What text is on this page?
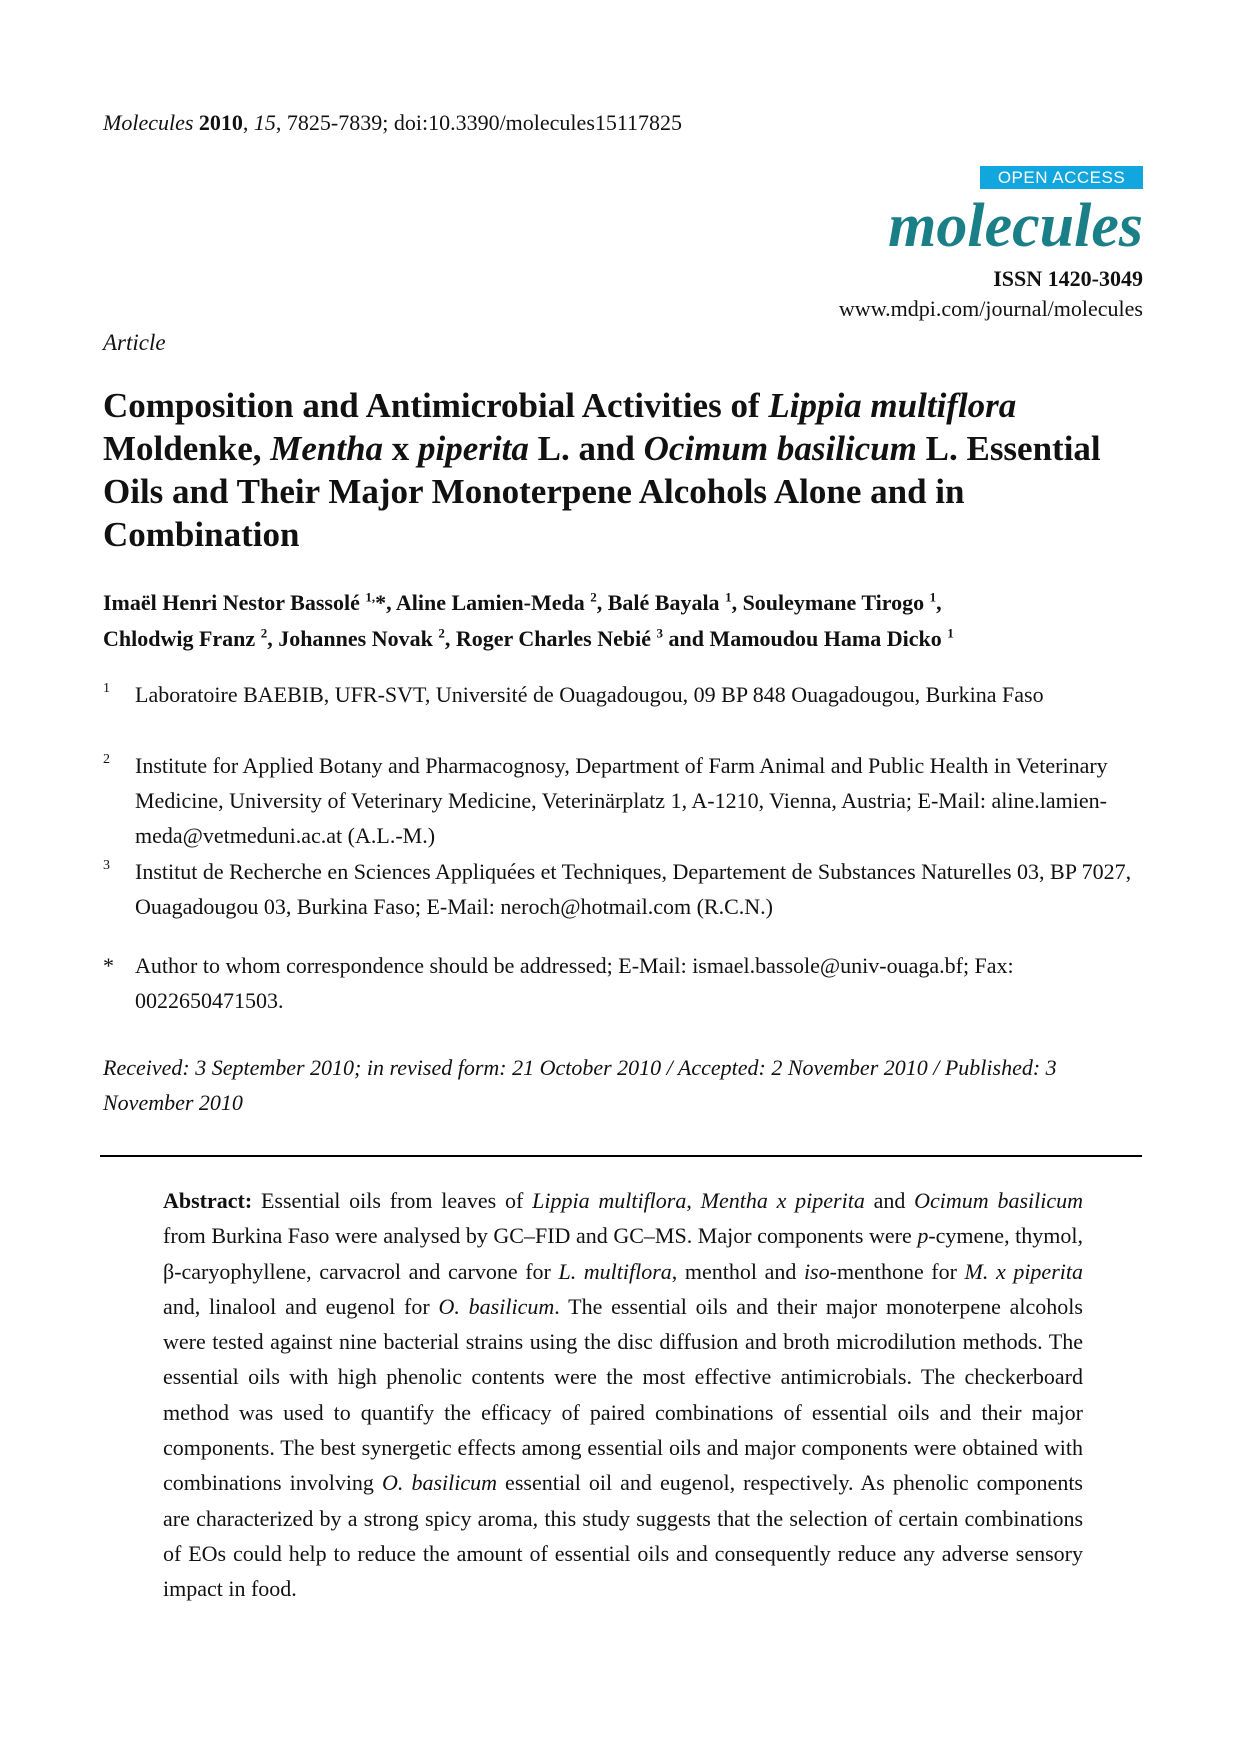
Molecules 2010, 15, 7825-7839; doi:10.3390/molecules15117825
OPEN ACCESS
molecules
ISSN 1420-3049
www.mdpi.com/journal/molecules
Article
Composition and Antimicrobial Activities of Lippia multiflora Moldenke, Mentha x piperita L. and Ocimum basilicum L. Essential Oils and Their Major Monoterpene Alcohols Alone and in Combination
Imaël Henri Nestor Bassolé $^{1,}$*, Aline Lamien-Meda $^2$, Balé Bayala $^1$, Souleymane Tirogo $^1$,
Chlodwig Franz $^2$, Johannes Novak $^2$, Roger Charles Nebié $^3$ and Mamoudou Hama Dicko $^1$
1 Laboratoire BAEBIB, UFR-SVT, Université de Ouagadougou, 09 BP 848 Ouagadougou, Burkina Faso
2 Institute for Applied Botany and Pharmacognosy, Department of Farm Animal and Public Health in Veterinary Medicine, University of Veterinary Medicine, Veterinärplatz 1, A-1210, Vienna, Austria; E-Mail: aline.lamien-meda@vetmeduni.ac.at (A.L.-M.)
3 Institut de Recherche en Sciences Appliquées et Techniques, Departement de Substances Naturelles 03, BP 7027, Ouagadougou 03, Burkina Faso; E-Mail: neroch@hotmail.com (R.C.N.)
* Author to whom correspondence should be addressed; E-Mail: ismael.bassole@univ-ouaga.bf; Fax: 0022650471503.
Received: 3 September 2010; in revised form: 21 October 2010 / Accepted: 2 November 2010 / Published: 3 November 2010
Abstract: Essential oils from leaves of Lippia multiflora, Mentha x piperita and Ocimum basilicum from Burkina Faso were analysed by GC–FID and GC–MS. Major components were p-cymene, thymol, β-caryophyllene, carvacrol and carvone for L. multiflora, menthol and iso-menthone for M. x piperita and, linalool and eugenol for O. basilicum. The essential oils and their major monoterpene alcohols were tested against nine bacterial strains using the disc diffusion and broth microdilution methods. The essential oils with high phenolic contents were the most effective antimicrobials. The checkerboard method was used to quantify the efficacy of paired combinations of essential oils and their major components. The best synergetic effects among essential oils and major components were obtained with combinations involving O. basilicum essential oil and eugenol, respectively. As phenolic components are characterized by a strong spicy aroma, this study suggests that the selection of certain combinations of EOs could help to reduce the amount of essential oils and consequently reduce any adverse sensory impact in food.
